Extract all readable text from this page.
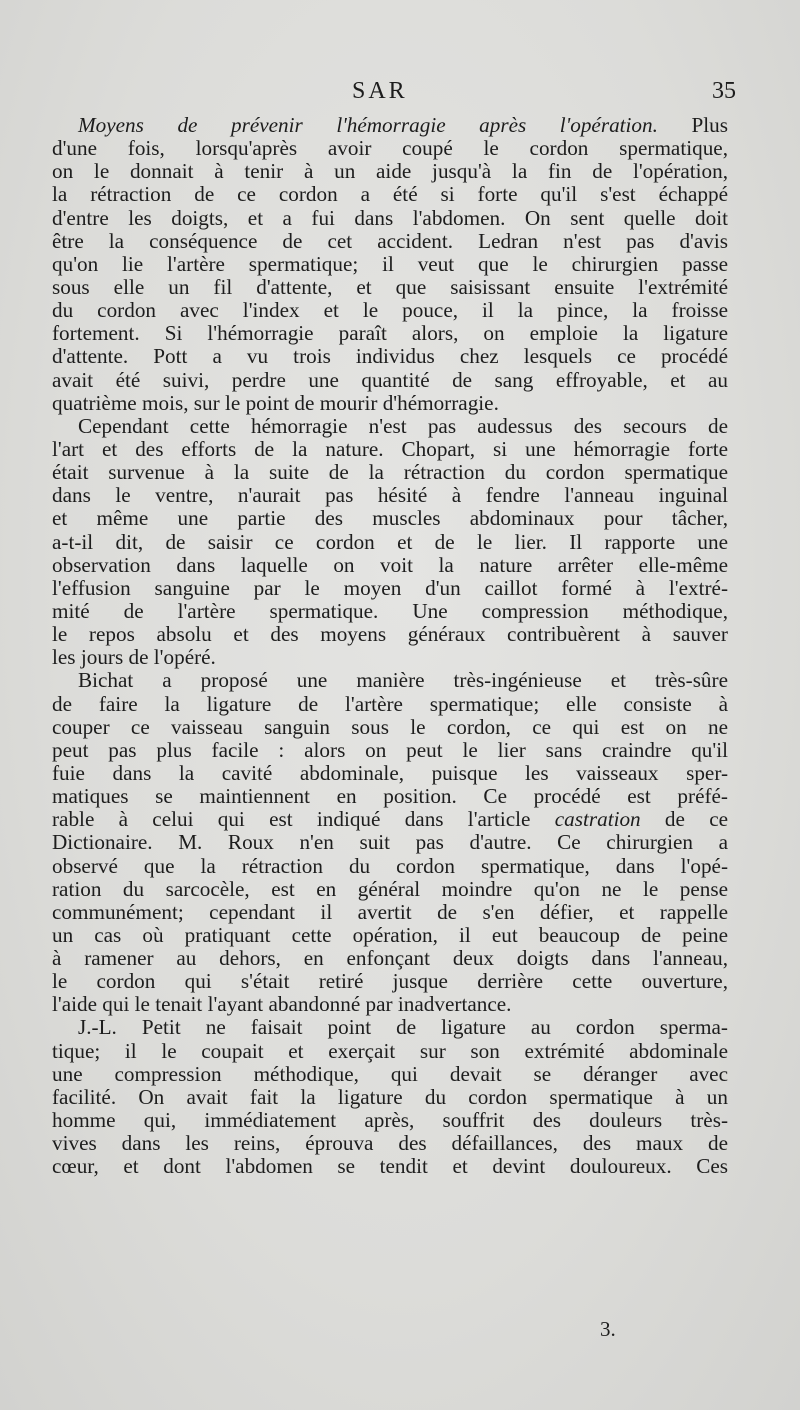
SAR	35
Moyens de prévenir l'hémorragie après l'opération. Plus
d'une fois, lorsqu'après avoir coupé le cordon spermatique,
on le donnait à tenir à un aide jusqu'à la fin de l'opération,
la rétraction de ce cordon a été si forte qu'il s'est échappé
d'entre les doigts, et a fui dans l'abdomen. On sent quelle doit
être la conséquence de cet accident. Ledran n'est pas d'avis
qu'on lie l'artère spermatique; il veut que le chirurgien passe
sous elle un fil d'attente, et que saisissant ensuite l'extrémité
du cordon avec l'index et le pouce, il la pince, la froisse
fortement. Si l'hémorragie paraît alors, on emploie la ligature
d'attente. Pott a vu trois individus chez lesquels ce procédé
avait été suivi, perdre une quantité de sang effroyable, et au
quatrième mois, sur le point de mourir d'hémorragie.
Cependant cette hémorragie n'est pas audessus des secours de
l'art et des efforts de la nature. Chopart, si une hémorragie forte
était survenue à la suite de la rétraction du cordon spermatique
dans le ventre, n'aurait pas hésité à fendre l'anneau inguinal
et même une partie des muscles abdominaux pour tâcher,
a-t-il dit, de saisir ce cordon et de le lier. Il rapporte une
observation dans laquelle on voit la nature arrêter elle-même
l'effusion sanguine par le moyen d'un caillot formé à l'extré-
mité de l'artère spermatique. Une compression méthodique,
le repos absolu et des moyens généraux contribuèrent à sauver
les jours de l'opéré.
Bichat a proposé une manière très-ingénieuse et très-sûre
de faire la ligature de l'artère spermatique; elle consiste à
couper ce vaisseau sanguin sous le cordon, ce qui est on ne
peut pas plus facile : alors on peut le lier sans craindre qu'il
fuie dans la cavité abdominale, puisque les vaisseaux sper-
matiques se maintiennent en position. Ce procédé est préfé-
rable à celui qui est indiqué dans l'article castration de ce
Dictionaire. M. Roux n'en suit pas d'autre. Ce chirurgien a
observé que la rétraction du cordon spermatique, dans l'opé-
ration du sarcocèle, est en général moindre qu'on ne le pense
communément; cependant il avertit de s'en défier, et rappelle
un cas où pratiquant cette opération, il eut beaucoup de peine
à ramener au dehors, en enfonçant deux doigts dans l'anneau,
le cordon qui s'était retiré jusque derrière cette ouverture,
l'aide qui le tenait l'ayant abandonné par inadvertance.
J.-L. Petit ne faisait point de ligature au cordon sperma-
tique; il le coupait et exerçait sur son extrémité abdominale
une compression méthodique, qui devait se déranger avec
facilité. On avait fait la ligature du cordon spermatique à un
homme qui, immédiatement après, souffrit des douleurs très-
vives dans les reins, éprouva des défaillances, des maux de
cœur, et dont l'abdomen se tendit et devint douloureux. Ces
3.
